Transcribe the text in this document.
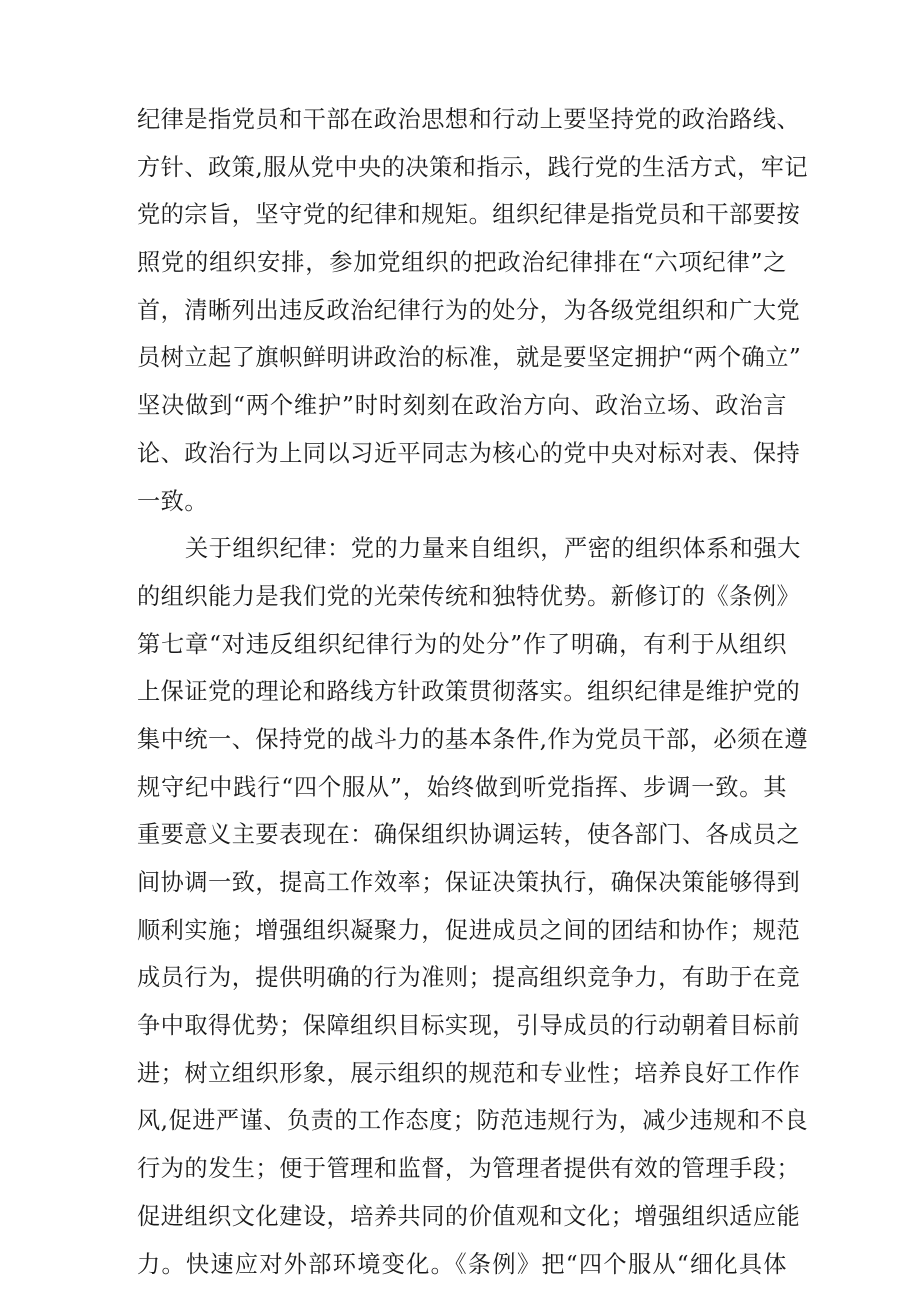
纪律是指党员和干部在政治思想和行动上要坚持党的政治路线、
方针、政策,服从党中央的决策和指示，践行党的生活方式，牢记
党的宗旨，坚守党的纪律和规矩。组织纪律是指党员和干部要按
照党的组织安排，参加党组织的把政治纪律排在“六项纪律”之
首，清晰列出违反政治纪律行为的处分，为各级党组织和广大党
员树立起了旗帜鲜明讲政治的标准，就是要坚定拥护“两个确立”
坚决做到“两个维护”时时刻刻在政治方向、政治立场、政治言
论、政治行为上同以习近平同志为核心的党中央对标对表、保持
一致。
关于组织纪律：党的力量来自组织，严密的组织体系和强大
的组织能力是我们党的光荣传统和独特优势。新修订的《条例》
第七章“对违反组织纪律行为的处分”作了明确，有利于从组织
上保证党的理论和路线方针政策贯彻落实。组织纪律是维护党的
集中统一、保持党的战斗力的基本条件,作为党员干部，必须在遵
规守纪中践行“四个服从”，始终做到听党指挥、步调一致。其
重要意义主要表现在：确保组织协调运转，使各部门、各成员之
间协调一致，提高工作效率；保证决策执行，确保决策能够得到
顺利实施；增强组织凝聚力，促进成员之间的团结和协作；规范
成员行为，提供明确的行为准则；提高组织竞争力，有助于在竞
争中取得优势；保障组织目标实现，引导成员的行动朝着目标前
进；树立组织形象，展示组织的规范和专业性；培养良好工作作
风,促进严谨、负责的工作态度；防范违规行为，减少违规和不良
行为的发生；便于管理和监督，为管理者提供有效的管理手段；
促进组织文化建设，培养共同的价值观和文化；增强组织适应能
力。快速应对外部环境变化。《条例》把“四个服从“细化具体
